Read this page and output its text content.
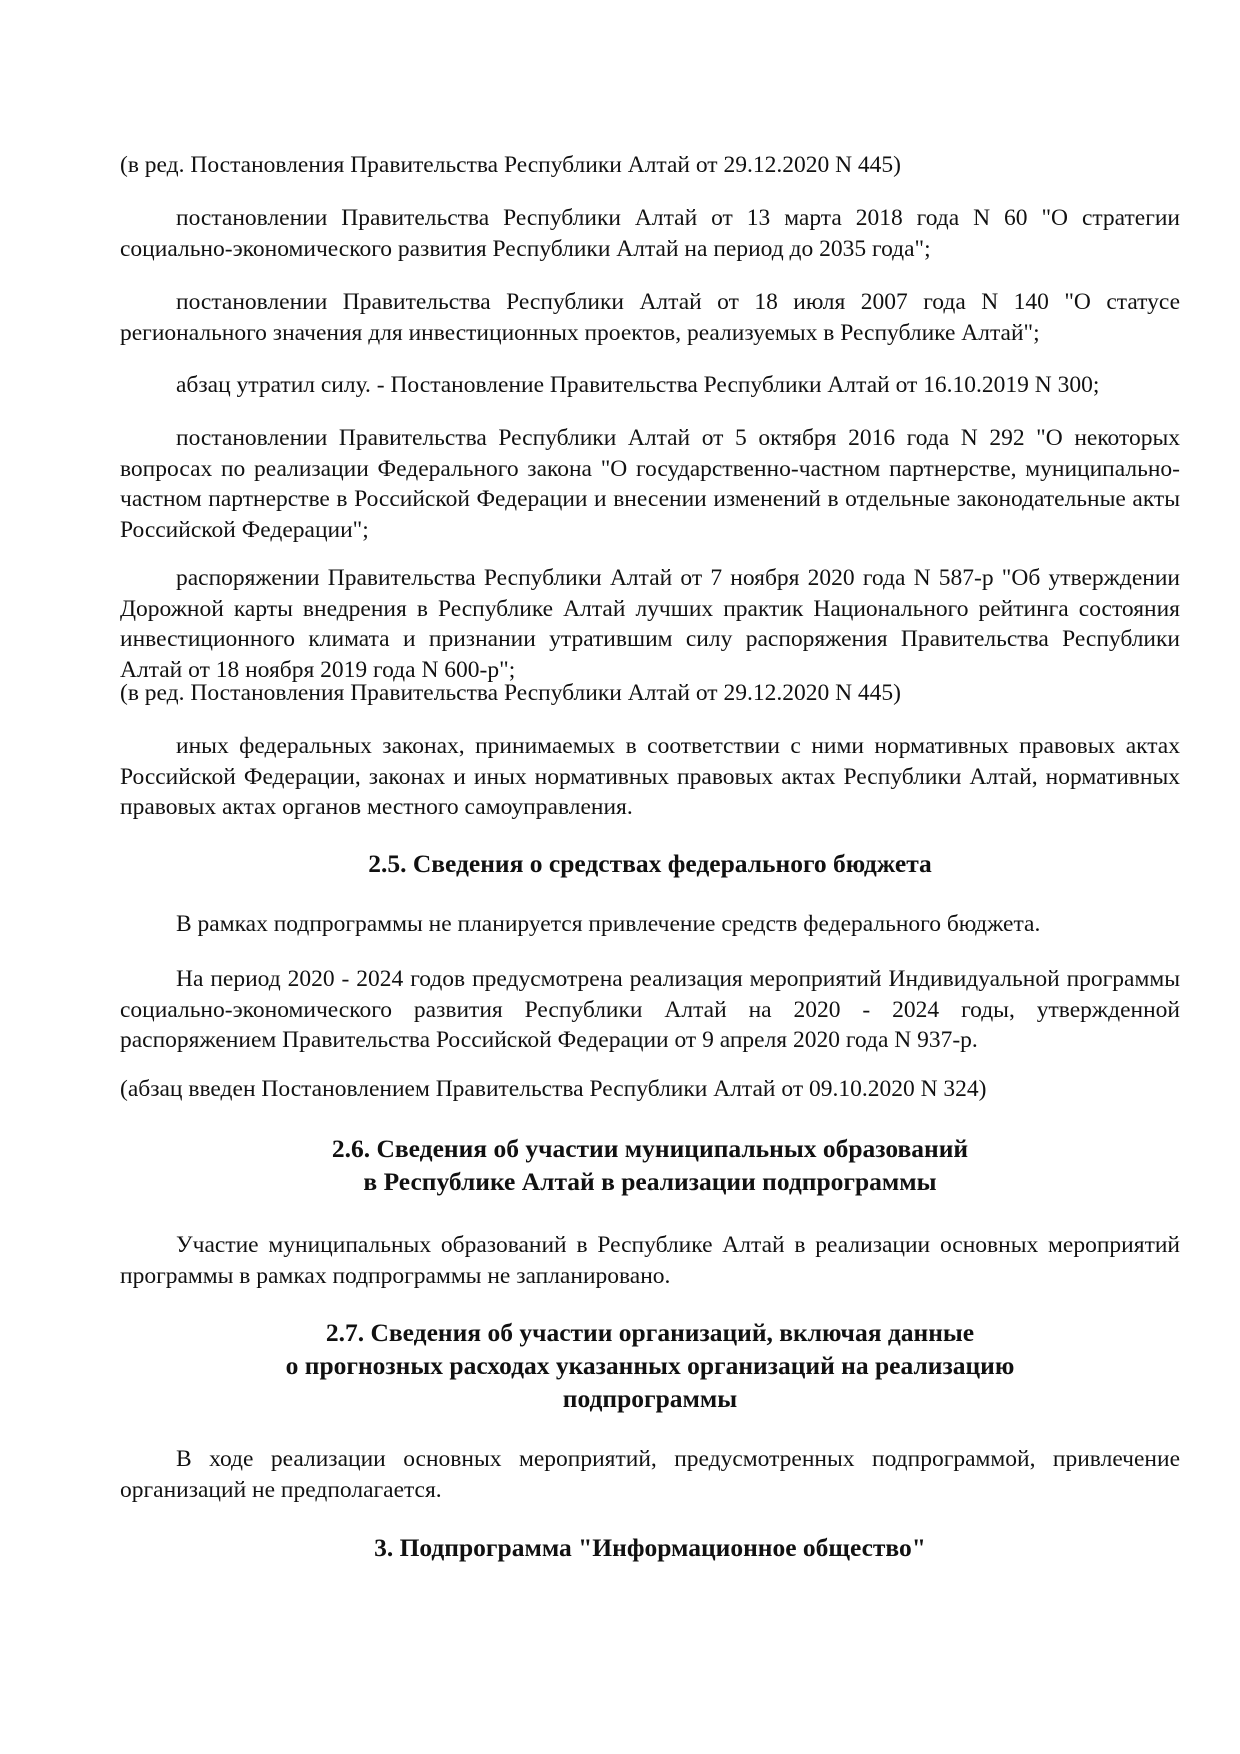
(в ред. Постановления Правительства Республики Алтай от 29.12.2020 N 445)
постановлении Правительства Республики Алтай от 13 марта 2018 года N 60 "О стратегии социально-экономического развития Республики Алтай на период до 2035 года";
постановлении Правительства Республики Алтай от 18 июля 2007 года N 140 "О статусе регионального значения для инвестиционных проектов, реализуемых в Республике Алтай";
абзац утратил силу. - Постановление Правительства Республики Алтай от 16.10.2019 N 300;
постановлении Правительства Республики Алтай от 5 октября 2016 года N 292 "О некоторых вопросах по реализации Федерального закона "О государственно-частном партнерстве, муниципально-частном партнерстве в Российской Федерации и внесении изменений в отдельные законодательные акты Российской Федерации";
распоряжении Правительства Республики Алтай от 7 ноября 2020 года N 587-р "Об утверждении Дорожной карты внедрения в Республике Алтай лучших практик Национального рейтинга состояния инвестиционного климата и признании утратившим силу распоряжения Правительства Республики Алтай от 18 ноября 2019 года N 600-р";
(в ред. Постановления Правительства Республики Алтай от 29.12.2020 N 445)
иных федеральных законах, принимаемых в соответствии с ними нормативных правовых актах Российской Федерации, законах и иных нормативных правовых актах Республики Алтай, нормативных правовых актах органов местного самоуправления.
2.5. Сведения о средствах федерального бюджета
В рамках подпрограммы не планируется привлечение средств федерального бюджета.
На период 2020 - 2024 годов предусмотрена реализация мероприятий Индивидуальной программы социально-экономического развития Республики Алтай на 2020 - 2024 годы, утвержденной распоряжением Правительства Российской Федерации от 9 апреля 2020 года N 937-р.
(абзац введен Постановлением Правительства Республики Алтай от 09.10.2020 N 324)
2.6. Сведения об участии муниципальных образований
в Республике Алтай в реализации подпрограммы
Участие муниципальных образований в Республике Алтай в реализации основных мероприятий программы в рамках подпрограммы не запланировано.
2.7. Сведения об участии организаций, включая данные
о прогнозных расходах указанных организаций на реализацию
подпрограммы
В ходе реализации основных мероприятий, предусмотренных подпрограммой, привлечение организаций не предполагается.
3. Подпрограмма "Информационное общество"
